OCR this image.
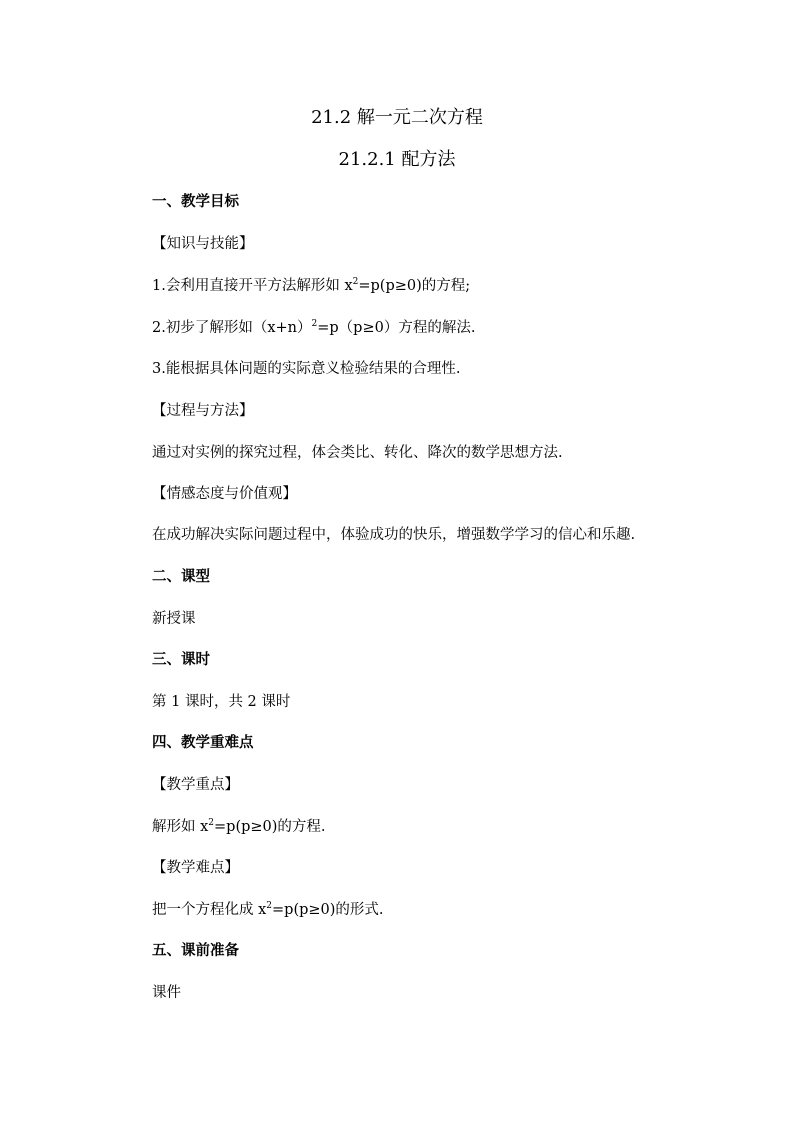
21.2 解一元二次方程
21.2.1 配方法
一、教学目标
【知识与技能】
1.会利用直接开平方法解形如 $x^2=p(p\ge 0)$的方程;
2.初步了解形如$(x+n)^2=p(p\ge 0)$方程的解法.
3.能根据具体问题的实际意义检验结果的合理性.
【过程与方法】
通过对实例的探究过程，体会类比、转化、降次的数学思想方法.
【情感态度与价值观】
在成功解决实际问题过程中，体验成功的快乐，增强数学学习的信心和乐趣.
二、课型
新授课
三、课时
第 1 课时，共 2 课时
四、教学重难点
【教学重点】
解形如 $x^2=p(p\ge 0)$的方程.
【教学难点】
把一个方程化成 $x^2=p(p\ge 0)$的形式.
五、课前准备
课件
